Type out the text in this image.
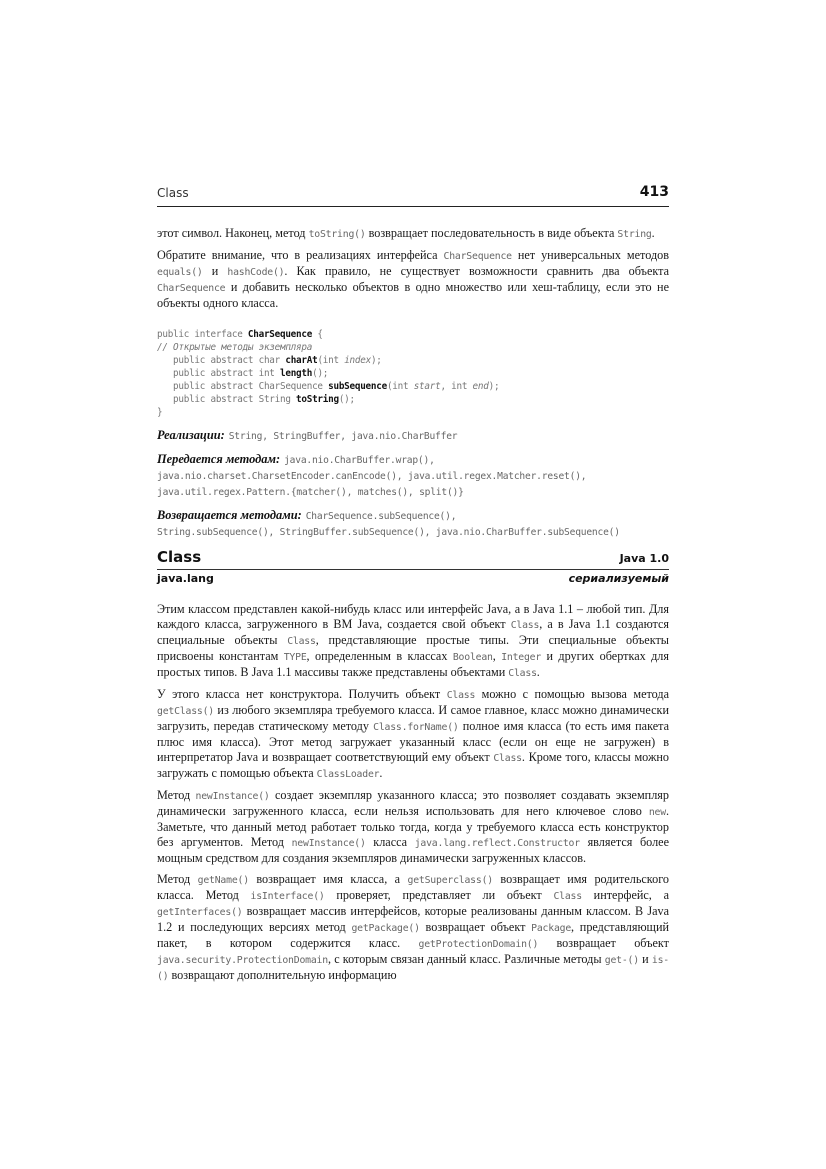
Class	413

этот символ. Наконец, метод toString() возвращает последовательность в виде объекта String.

Обратите внимание, что в реализациях интерфейса CharSequence нет универсальных методов equals() и hashCode(). Как правило, не существует возможности сравнить два объекта CharSequence и добавить несколько объектов в одно множество или хеш-таблицу, если это не объекты одного класса.

public interface CharSequence {
// Открытые методы экземпляра
public abstract char charAt(int index);
public abstract int length();
public abstract CharSequence subSequence(int start, int end);
public abstract String toString();
}

Реализации: String, StringBuffer, java.nio.CharBuffer

Передается методам: java.nio.CharBuffer.wrap(),
java.nio.charset.CharsetEncoder.canEncode(), java.util.regex.Matcher.reset(),
java.util.regex.Pattern.{matcher(), matches(), split()}

Возвращается методами: CharSequence.subSequence(),
String.subSequence(), StringBuffer.subSequence(), java.nio.CharBuffer.subSequence()

Class	Java 1.0
java.lang	сериализуемый

Этим классом представлен какой-нибудь класс или интерфейс Java, а в Java 1.1 – любой тип. Для каждого класса, загруженного в ВМ Java, создается свой объект Class, а в Java 1.1 создаются специальные объекты Class, представляющие простые типы. Эти специальные объекты присвоены константам TYPE, определенным в классах Boolean, Integer и других обертках для простых типов. В Java 1.1 массивы также представлены объектами Class.

У этого класса нет конструктора. Получить объект Class можно с помощью вызова метода getClass() из любого экземпляра требуемого класса. И самое главное, класс можно динамически загрузить, передав статическому методу Class.forName() полное имя класса (то есть имя пакета плюс имя класса). Этот метод загружает указанный класс (если он еще не загружен) в интерпретатор Java и возвращает соответствующий ему объект Class. Кроме того, классы можно загружать с помощью объекта ClassLoader.

Метод newInstance() создает экземпляр указанного класса; это позволяет создавать экземпляр динамически загруженного класса, если нельзя использовать для него ключевое слово new. Заметьте, что данный метод работает только тогда, когда у требуемого класса есть конструктор без аргументов. Метод newInstance() класса java.lang.reflect.Constructor является более мощным средством для создания экземпляров динамически загруженных классов.

Метод getName() возвращает имя класса, а getSuperclass() возвращает имя родительского класса. Метод isInterface() проверяет, представляет ли объект Class интерфейс, а getInterfaces() возвращает массив интерфейсов, которые реализованы данным классом. В Java 1.2 и последующих версиях метод getPackage() возвращает объект Package, представляющий пакет, в котором содержится класс. getProtectionDomain() возвращает объект java.security.ProtectionDomain, с которым связан данный класс. Различные методы get-() и is-() возвращают дополнительную информацию
